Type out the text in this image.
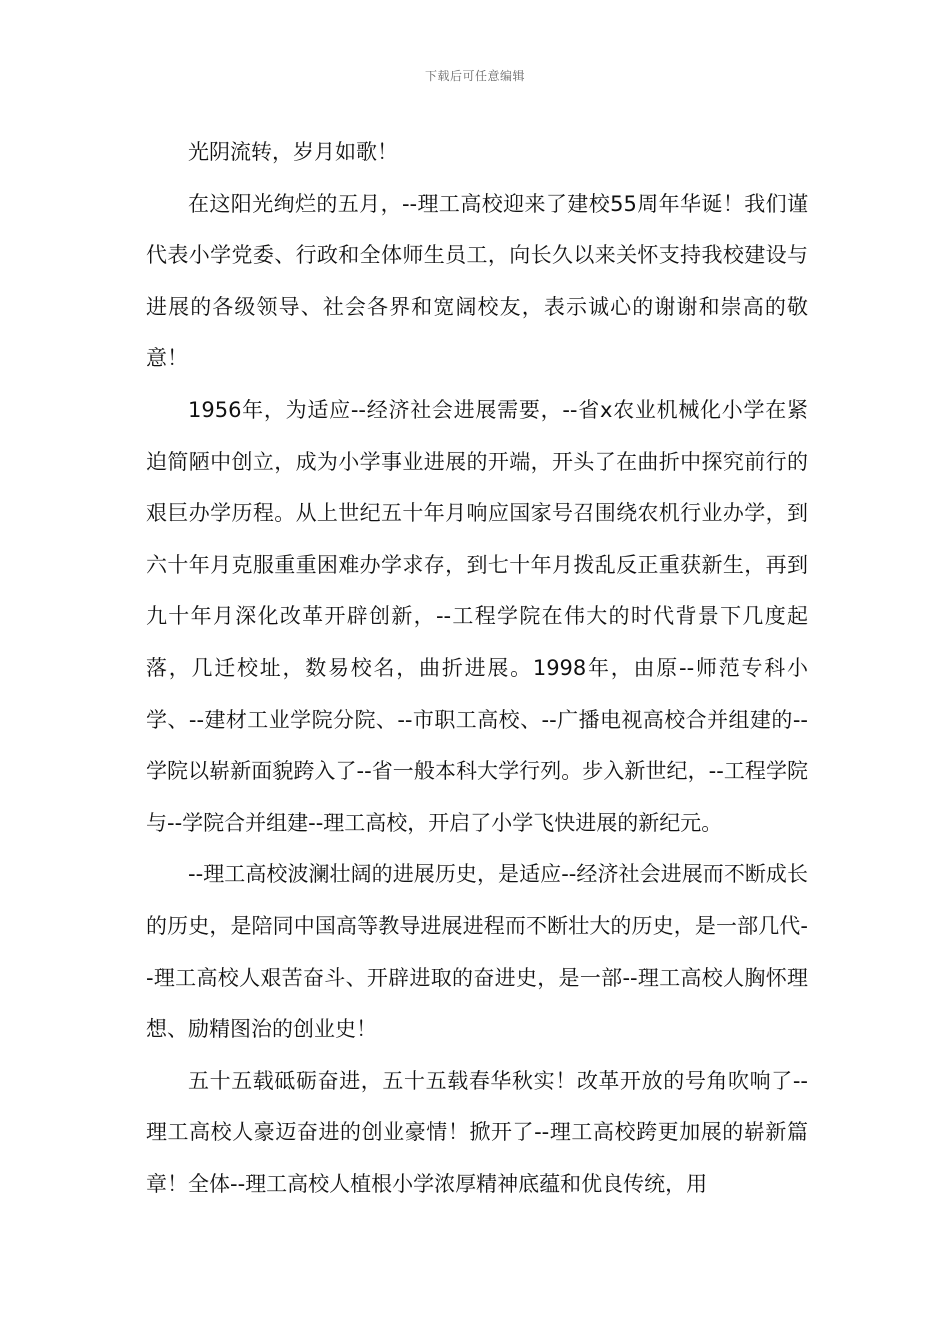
下载后可任意编辑

光阴流转，岁月如歌！

在这阳光绚烂的五月，--理工高校迎来了建校55周年华诞！我们谨代表小学党委、行政和全体师生员工，向长久以来关怀支持我校建设与进展的各级领导、社会各界和宽阔校友，表示诚心的谢谢和崇高的敬意！

1956年，为适应--经济社会进展需要，--省x农业机械化小学在紧迫简陋中创立，成为小学事业进展的开端，开头了在曲折中探究前行的艰巨办学历程。从上世纪五十年月响应国家号召围绕农机行业办学，到六十年月克服重重困难办学求存，到七十年月拨乱反正重获新生，再到九十年月深化改革开辟创新，--工程学院在伟大的时代背景下几度起落，几迁校址，数易校名，曲折进展。1998年，由原--师范专科小学、--建材工业学院分院、--市职工高校、--广播电视高校合并组建的--学院以崭新面貌跨入了--省一般本科大学行列。步入新世纪，--工程学院与--学院合并组建--理工高校，开启了小学飞快进展的新纪元。

--理工高校波澜壮阔的进展历史，是适应--经济社会进展而不断成长的历史，是陪同中国高等教导进展进程而不断壮大的历史，是一部几代--理工高校人艰苦奋斗、开辟进取的奋进史，是一部--理工高校人胸怀理想、励精图治的创业史！

五十五载砥砺奋进，五十五载春华秋实！改革开放的号角吹响了--理工高校人豪迈奋进的创业豪情！掀开了--理工高校跨更加展的崭新篇章！全体--理工高校人植根小学浓厚精神底蕴和优良传统，用
